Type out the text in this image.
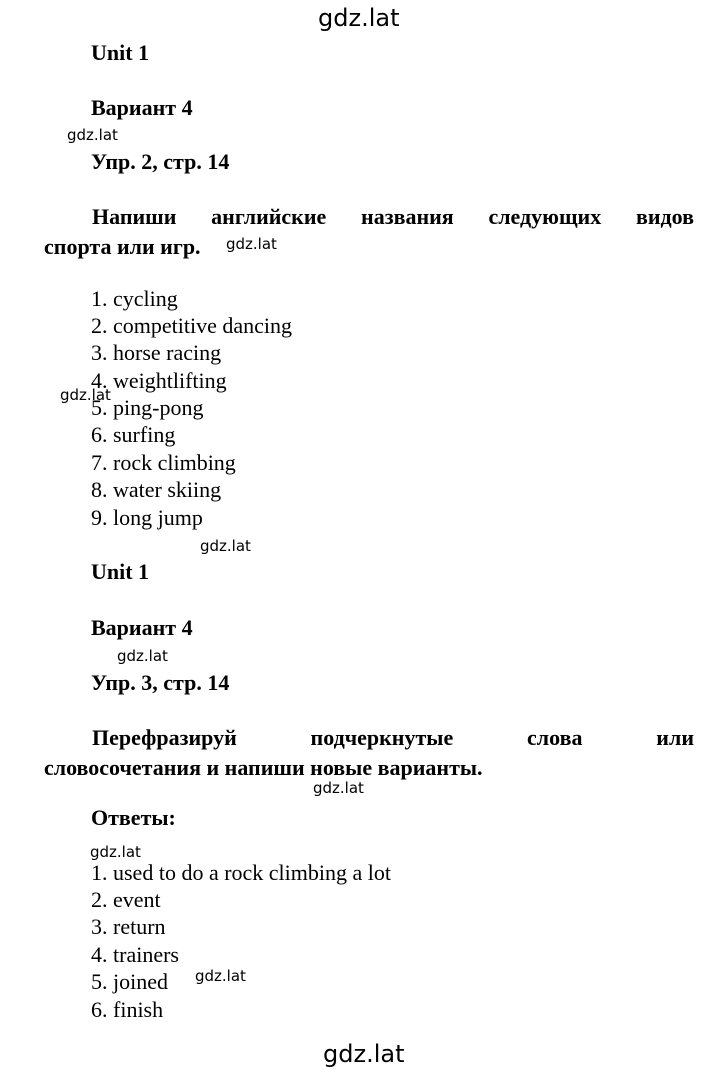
gdz.lat
Unit 1
Вариант 4
gdz.lat
Упр. 2, стр. 14
Напиши английские названия следующих видов
спорта или игр.	gdz.lat
1. cycling
2. competitive dancing
3. horse racing
4. weightlifting
gdz.lat
5. ping-pong
6. surfing
7. rock climbing
8. water skiing
9. long jump
gdz.lat
Unit 1
Вариант 4
gdz.lat
Упр. 3, стр. 14
Перефразируй подчеркнутые слова или
словосочетания и напиши новые варианты.
gdz.lat
Ответы:
gdz.lat
1. used to do a rock climbing a lot
2. event
3. return
4. trainers
5. joined gdz.lat
6. finish
gdz.lat
